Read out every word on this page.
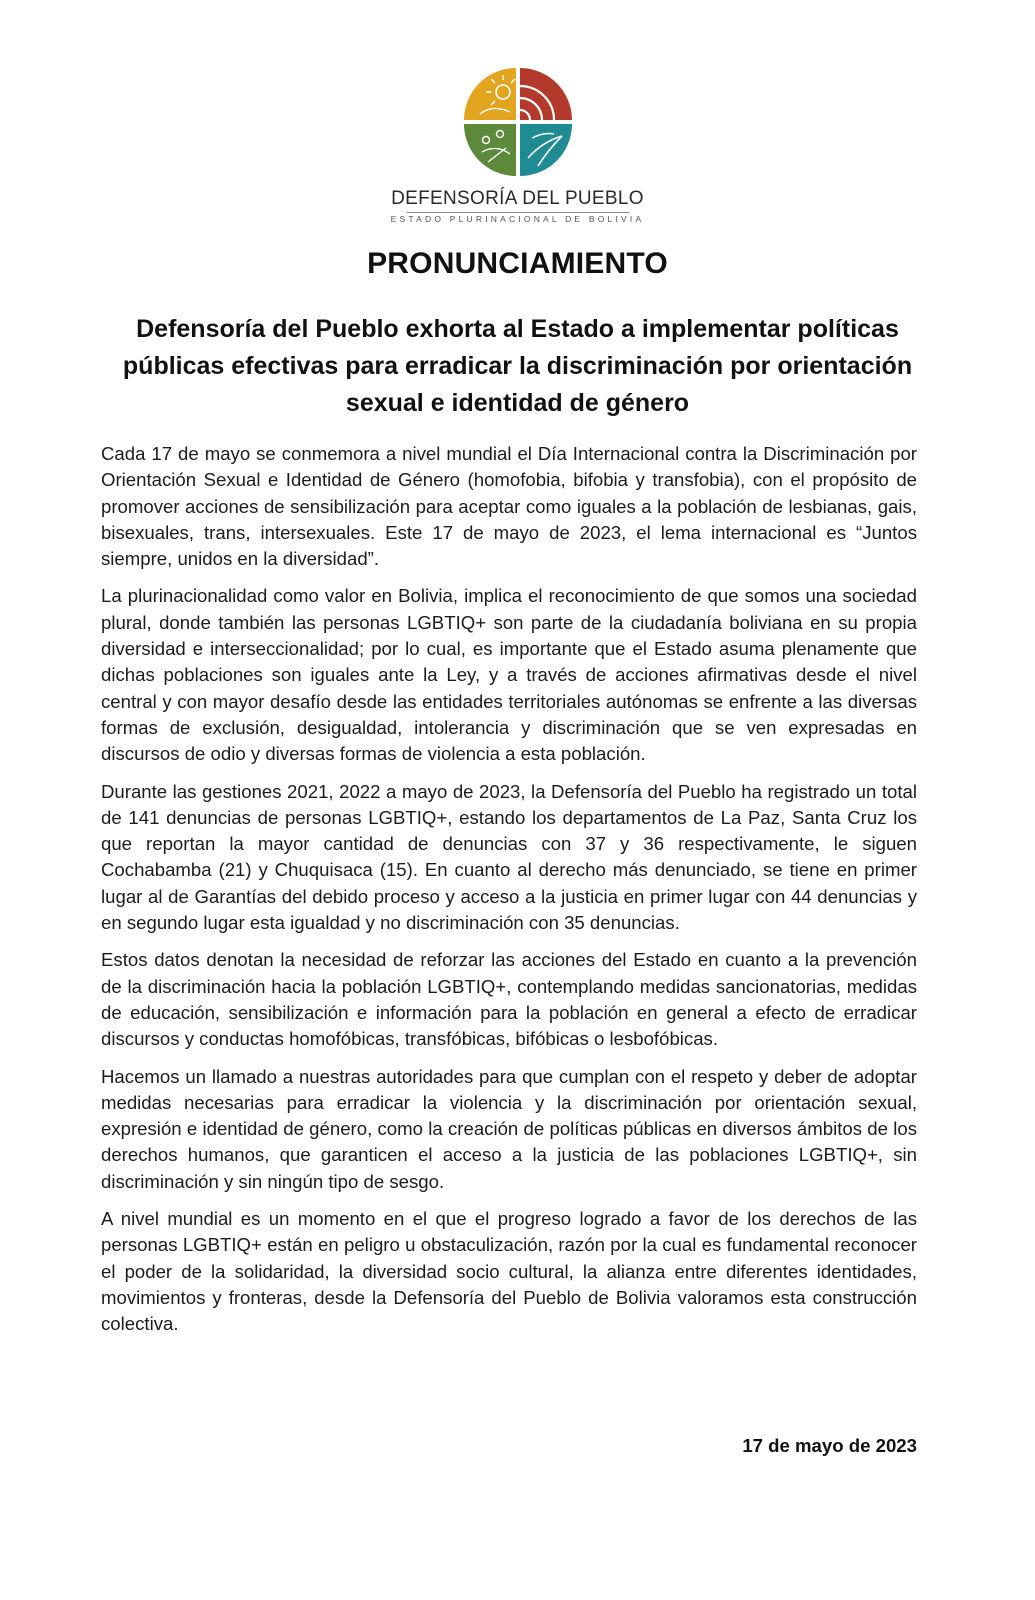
DEFENSORÍA DEL PUEBLO
ESTADO PLURINACIONAL DE BOLIVIA
PRONUNCIAMIENTO
Defensoría del Pueblo exhorta al Estado a implementar políticas públicas efectivas para erradicar la discriminación por orientación sexual e identidad de género

Cada 17 de mayo se conmemora a nivel mundial el Día Internacional contra la Discriminación por Orientación Sexual e Identidad de Género (homofobia, bifobia y transfobia), con el propósito de promover acciones de sensibilización para aceptar como iguales a la población de lesbianas, gais, bisexuales, trans, intersexuales. Este 17 de mayo de 2023, el lema internacional es “Juntos siempre, unidos en la diversidad”.

La plurinacionalidad como valor en Bolivia, implica el reconocimiento de que somos una sociedad plural, donde también las personas LGBTIQ+ son parte de la ciudadanía boliviana en su propia diversidad e interseccionalidad; por lo cual, es importante que el Estado asuma plenamente que dichas poblaciones son iguales ante la Ley, y a través de acciones afirmativas desde el nivel central y con mayor desafío desde las entidades territoriales autónomas se enfrente a las diversas formas de exclusión, desigualdad, intolerancia y discriminación que se ven expresadas en discursos de odio y diversas formas de violencia a esta población.

Durante las gestiones 2021, 2022 a mayo de 2023, la Defensoría del Pueblo ha registrado un total de 141 denuncias de personas LGBTIQ+, estando los departamentos de La Paz, Santa Cruz los que reportan la mayor cantidad de denuncias con 37 y 36 respectivamente, le siguen Cochabamba (21) y Chuquisaca (15). En cuanto al derecho más denunciado, se tiene en primer lugar al de Garantías del debido proceso y acceso a la justicia en primer lugar con 44 denuncias y en segundo lugar esta igualdad y no discriminación con 35 denuncias.

Estos datos denotan la necesidad de reforzar las acciones del Estado en cuanto a la prevención de la discriminación hacia la población LGBTIQ+, contemplando medidas sancionatorias, medidas de educación, sensibilización e información para la población en general a efecto de erradicar discursos y conductas homofóbicas, transfóbicas, bifóbicas o lesbofóbicas.

Hacemos un llamado a nuestras autoridades para que cumplan con el respeto y deber de adoptar medidas necesarias para erradicar la violencia y la discriminación por orientación sexual, expresión e identidad de género, como la creación de políticas públicas en diversos ámbitos de los derechos humanos, que garanticen el acceso a la justicia de las poblaciones LGBTIQ+, sin discriminación y sin ningún tipo de sesgo.

A nivel mundial es un momento en el que el progreso logrado a favor de los derechos de las personas LGBTIQ+ están en peligro u obstaculización, razón por la cual es fundamental reconocer el poder de la solidaridad, la diversidad socio cultural, la alianza entre diferentes identidades, movimientos y fronteras, desde la Defensoría del Pueblo de Bolivia valoramos esta construcción colectiva.

17 de mayo de 2023
